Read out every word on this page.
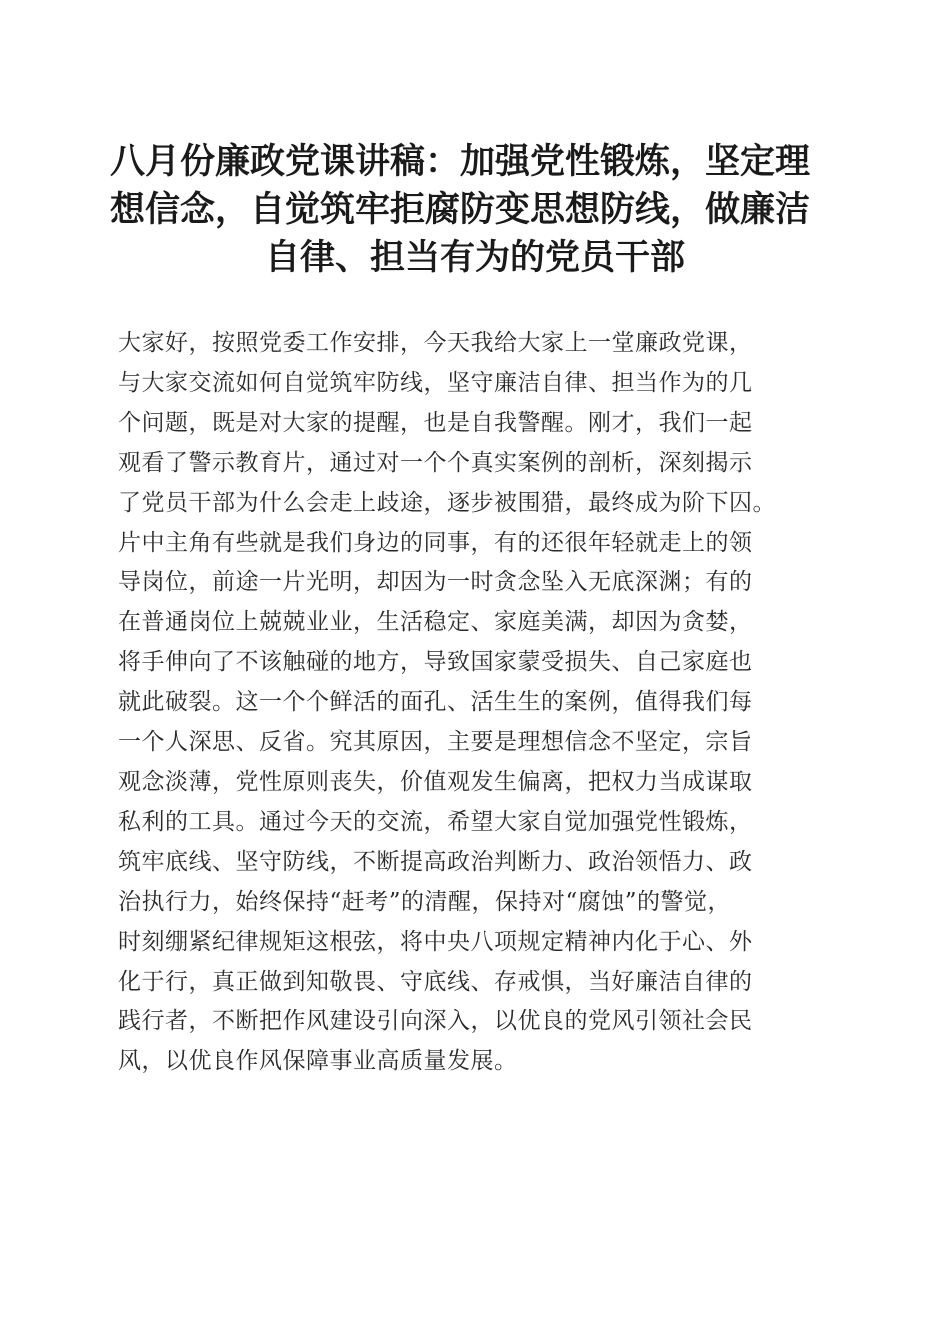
八月份廉政党课讲稿：加强党性锻炼，坚定理
想信念，自觉筑牢拒腐防变思想防线，做廉洁
自律、担当有为的党员干部
大家好，按照党委工作安排，今天我给大家上一堂廉政党课，
与大家交流如何自觉筑牢防线，坚守廉洁自律、担当作为的几
个问题，既是对大家的提醒，也是自我警醒。刚才，我们一起
观看了警示教育片，通过对一个个真实案例的剖析，深刻揭示
了党员干部为什么会走上歧途，逐步被围猎，最终成为阶下囚。
片中主角有些就是我们身边的同事，有的还很年轻就走上的领
导岗位，前途一片光明，却因为一时贪念坠入无底深渊；有的
在普通岗位上兢兢业业，生活稳定、家庭美满，却因为贪婪，
将手伸向了不该触碰的地方，导致国家蒙受损失、自己家庭也
就此破裂。这一个个鲜活的面孔、活生生的案例，值得我们每
一个人深思、反省。究其原因，主要是理想信念不坚定，宗旨
观念淡薄，党性原则丧失，价值观发生偏离，把权力当成谋取
私利的工具。通过今天的交流，希望大家自觉加强党性锻炼，
筑牢底线、坚守防线，不断提高政治判断力、政治领悟力、政
治执行力，始终保持“赶考”的清醒，保持对“腐蚀”的警觉，
时刻绷紧纪律规矩这根弦，将中央八项规定精神内化于心、外
化于行，真正做到知敬畏、守底线、存戒惧，当好廉洁自律的
践行者，不断把作风建设引向深入，以优良的党风引领社会民
风，以优良作风保障事业高质量发展。
